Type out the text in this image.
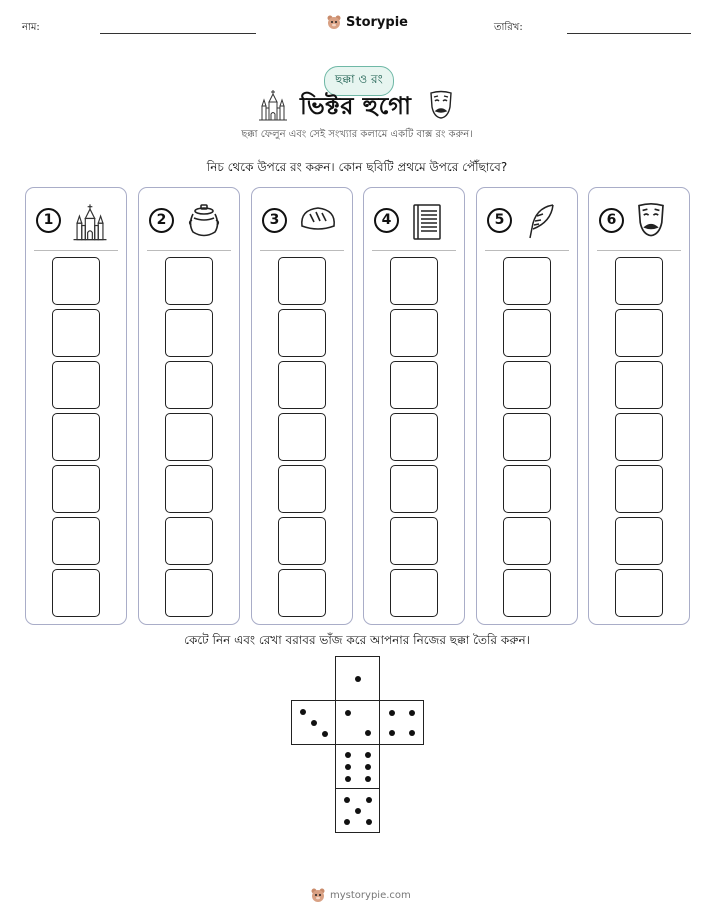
নাম:	Storypie	তারিখ:
ছক্কা ও রং
ভিক্টর হুগো
ছক্কা ফেলুন এবং সেই সংখ্যার কলামে একটি বাক্স রং করুন।
নিচ থেকে উপরে রং করুন। কোন ছবিটি প্রথমে উপরে পৌঁছাবে?
1	2	3	4	5	6
কেটে নিন এবং রেখা বরাবর ভাঁজ করে আপনার নিজের ছক্কা তৈরি করুন।
mystorypie.com
